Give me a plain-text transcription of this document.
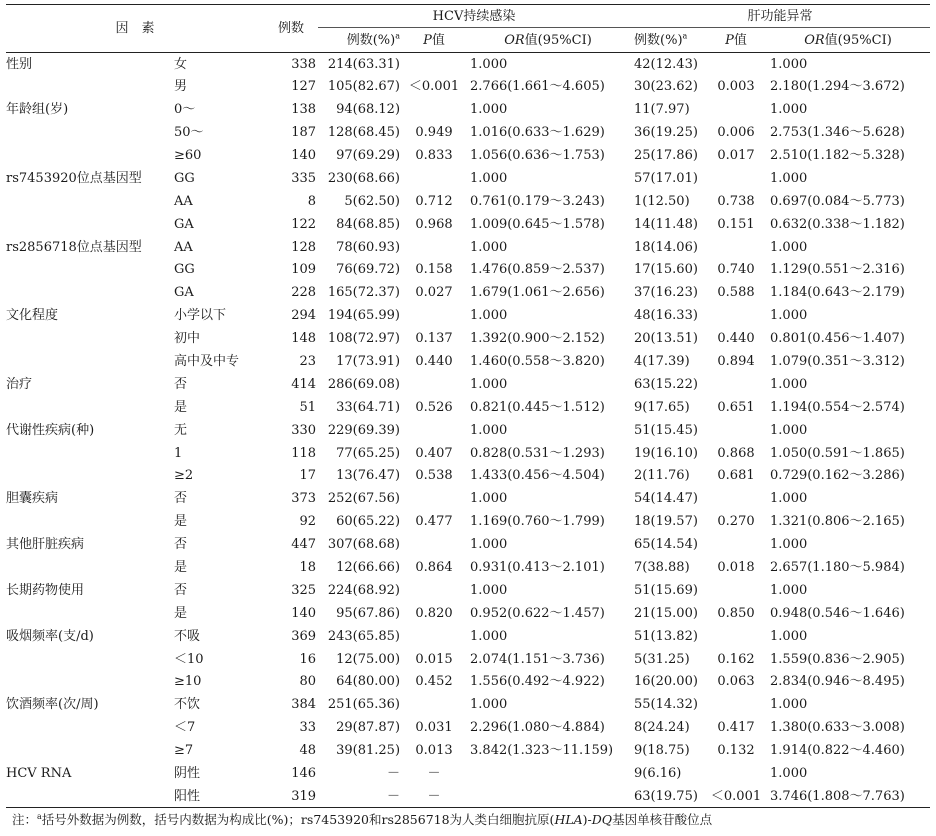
因　素		例数	HCV持续感染			肝功能异常		
			例数(%)$^a$	P值	OR值(95%CI)	例数(%)$^a$	P值	OR值(95%CI)
性别	女	338	214(63.31)		1.000	42(12.43)		1.000
	男	127	105(82.67)	＜0.001	2.766(1.661～4.605)	30(23.62)	0.003	2.180(1.294～3.672)
年龄组(岁)	0～	138	94(68.12)		1.000	11(7.97)		1.000
	50～	187	128(68.45)	0.949	1.016(0.633～1.629)	36(19.25)	0.006	2.753(1.346～5.628)
	≥60	140	97(69.29)	0.833	1.056(0.636～1.753)	25(17.86)	0.017	2.510(1.182～5.328)
rs7453920位点基因型	GG	335	230(68.66)		1.000	57(17.01)		1.000
	AA	8	5(62.50)	0.712	0.761(0.179～3.243)	1(12.50)	0.738	0.697(0.084～5.773)
	GA	122	84(68.85)	0.968	1.009(0.645～1.578)	14(11.48)	0.151	0.632(0.338～1.182)
rs2856718位点基因型	AA	128	78(60.93)		1.000	18(14.06)		1.000
	GG	109	76(69.72)	0.158	1.476(0.859～2.537)	17(15.60)	0.740	1.129(0.551～2.316)
	GA	228	165(72.37)	0.027	1.679(1.061～2.656)	37(16.23)	0.588	1.184(0.643～2.179)
文化程度	小学以下	294	194(65.99)		1.000	48(16.33)		1.000
	初中	148	108(72.97)	0.137	1.392(0.900～2.152)	20(13.51)	0.440	0.801(0.456～1.407)
	高中及中专	23	17(73.91)	0.440	1.460(0.558～3.820)	4(17.39)	0.894	1.079(0.351～3.312)
治疗	否	414	286(69.08)		1.000	63(15.22)		1.000
	是	51	33(64.71)	0.526	0.821(0.445～1.512)	9(17.65)	0.651	1.194(0.554～2.574)
代谢性疾病(种)	无	330	229(69.39)		1.000	51(15.45)		1.000
	1	118	77(65.25)	0.407	0.828(0.531～1.293)	19(16.10)	0.868	1.050(0.591～1.865)
	≥2	17	13(76.47)	0.538	1.433(0.456～4.504)	2(11.76)	0.681	0.729(0.162～3.286)
胆囊疾病	否	373	252(67.56)		1.000	54(14.47)		1.000
	是	92	60(65.22)	0.477	1.169(0.760～1.799)	18(19.57)	0.270	1.321(0.806～2.165)
其他肝脏疾病	否	447	307(68.68)		1.000	65(14.54)		1.000
	是	18	12(66.66)	0.864	0.931(0.413～2.101)	7(38.88)	0.018	2.657(1.180～5.984)
长期药物使用	否	325	224(68.92)		1.000	51(15.69)		1.000
	是	140	95(67.86)	0.820	0.952(0.622～1.457)	21(15.00)	0.850	0.948(0.546～1.646)
吸烟频率(支/d)	不吸	369	243(65.85)		1.000	51(13.82)		1.000
	＜10	16	12(75.00)	0.015	2.074(1.151～3.736)	5(31.25)	0.162	1.559(0.836～2.905)
	≥10	80	64(80.00)	0.452	1.556(0.492～4.922)	16(20.00)	0.063	2.834(0.946～8.495)
饮酒频率(次/周)	不饮	384	251(65.36)		1.000	55(14.32)		1.000
	＜7	33	29(87.87)	0.031	2.296(1.080～4.884)	8(24.24)	0.417	1.380(0.633～3.008)
	≥7	48	39(81.25)	0.013	3.842(1.323～11.159)	9(18.75)	0.132	1.914(0.822～4.460)
HCV RNA	阴性	146	－	－		9(6.16)		1.000
	阳性	319	－	－		63(19.75)	＜0.001	3.746(1.808～7.763)
注：$^a$括号外数据为例数，括号内数据为构成比(%)；rs7453920和rs2856718为人类白细胞抗原(HLA)-DQ基因单核苷酸位点
